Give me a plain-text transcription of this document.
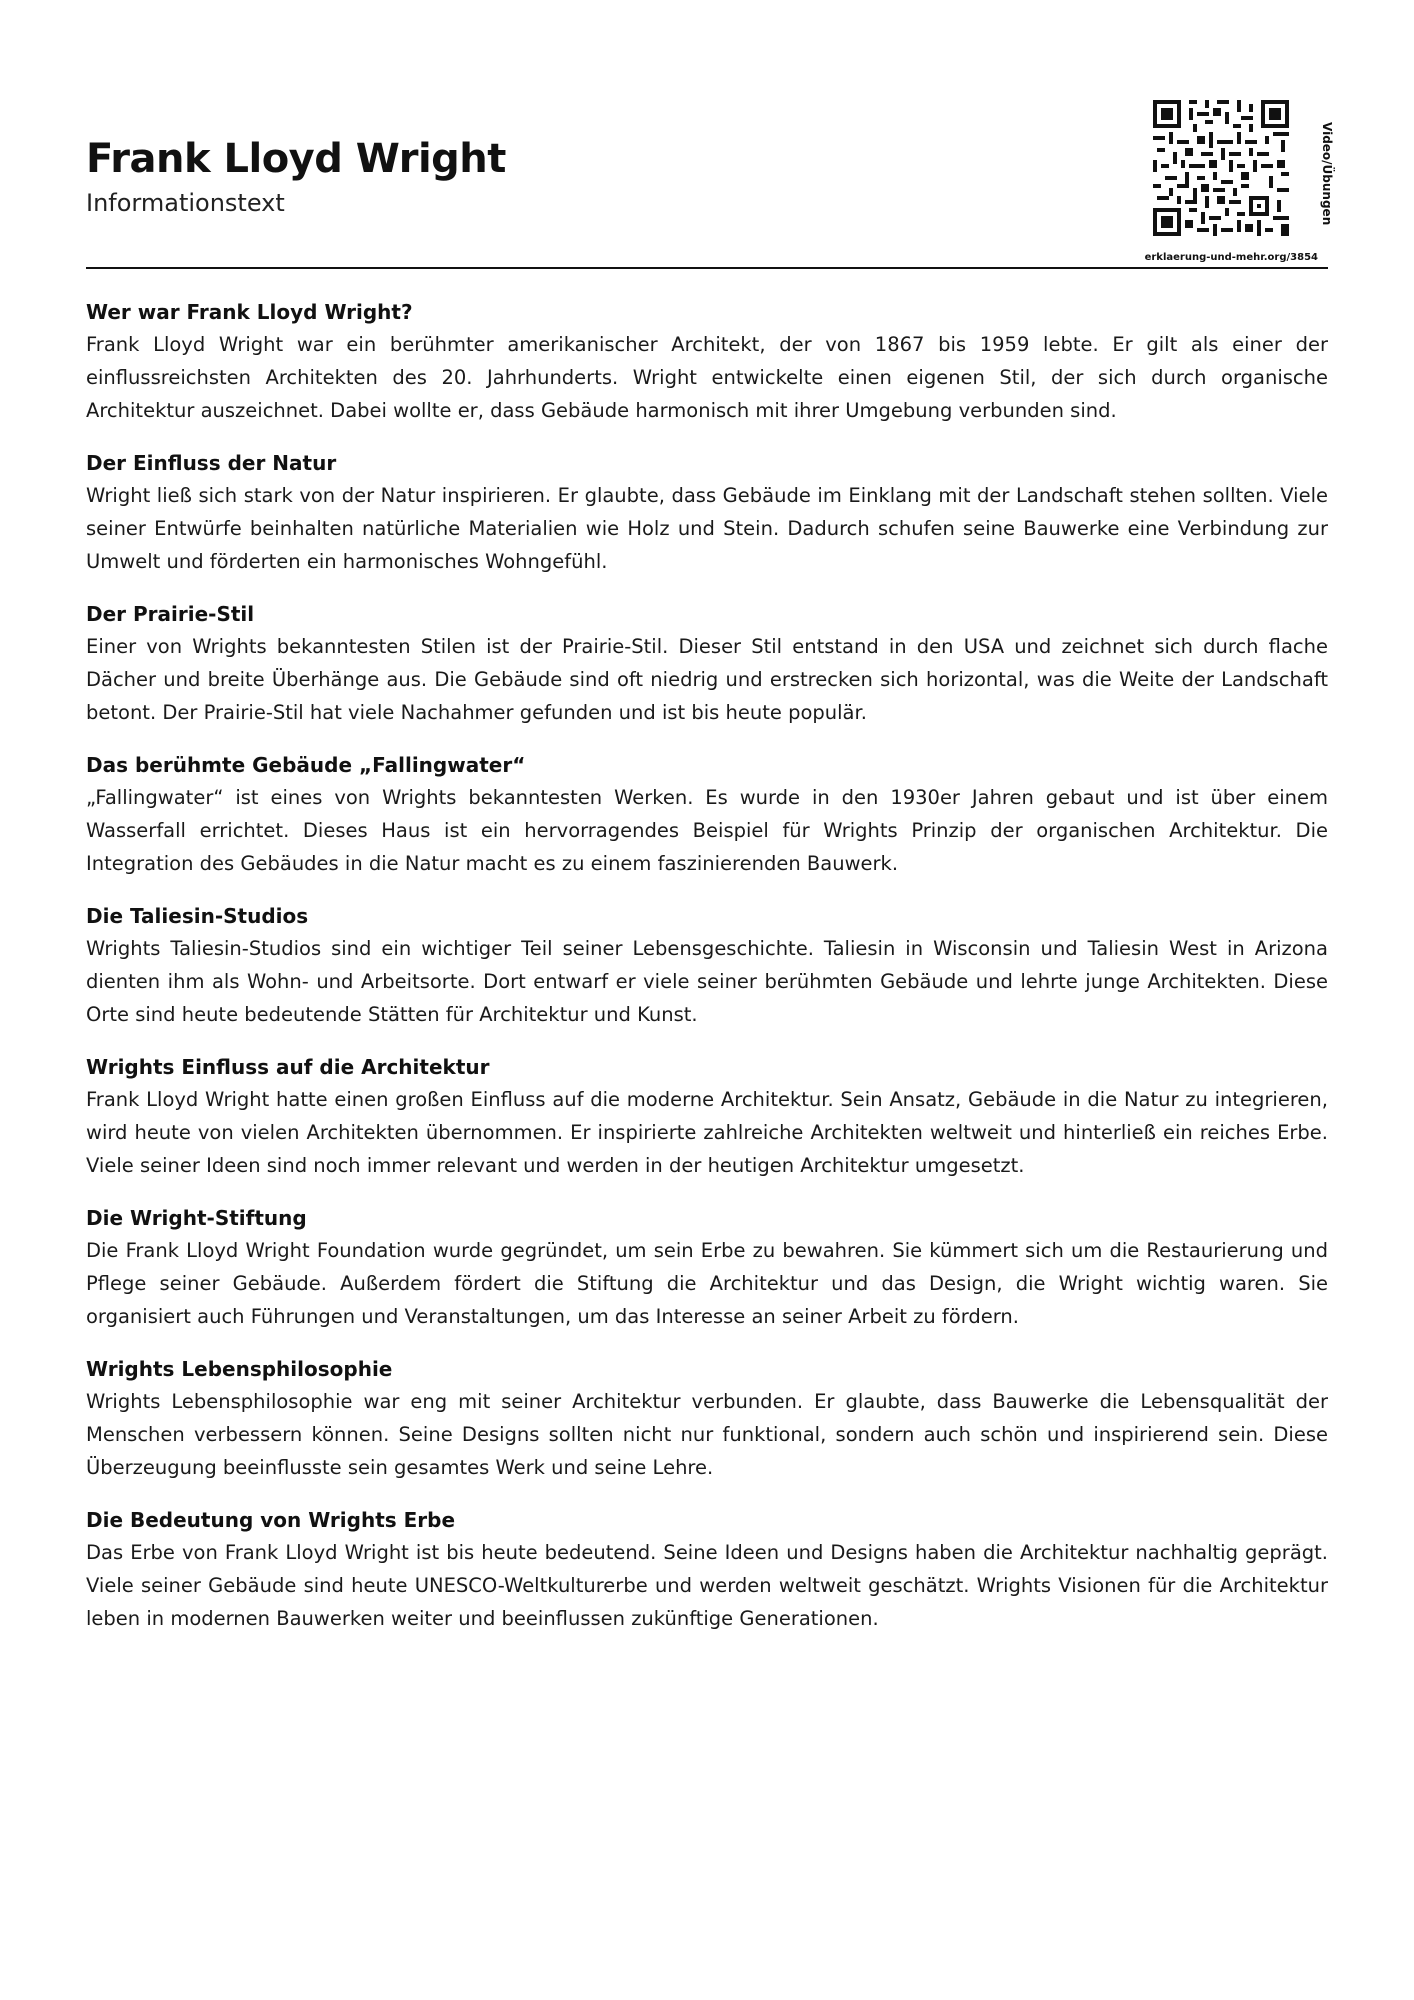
Frank Lloyd Wright
Informationstext	Video/Übungen
erklaerung-und-mehr.org/3854
Wer war Frank Lloyd Wright?

Frank Lloyd Wright war ein berühmter amerikanischer Architekt, der von 1867 bis 1959 lebte. Er gilt als einer der einflussreichsten Architekten des 20. Jahrhunderts. Wright entwickelte einen eigenen Stil, der sich durch organische Architektur auszeichnet. Dabei wollte er, dass Gebäude harmonisch mit ihrer Umgebung verbunden sind.

Der Einfluss der Natur

Wright ließ sich stark von der Natur inspirieren. Er glaubte, dass Gebäude im Einklang mit der Landschaft stehen sollten. Viele seiner Entwürfe beinhalten natürliche Materialien wie Holz und Stein. Dadurch schufen seine Bauwerke eine Verbindung zur Umwelt und förderten ein harmonisches Wohngefühl.

Der Prairie-Stil

Einer von Wrights bekanntesten Stilen ist der Prairie-Stil. Dieser Stil entstand in den USA und zeichnet sich durch flache Dächer und breite Überhänge aus. Die Gebäude sind oft niedrig und erstrecken sich horizontal, was die Weite der Landschaft betont. Der Prairie-Stil hat viele Nachahmer gefunden und ist bis heute populär.

Das berühmte Gebäude „Fallingwater“

„Fallingwater“ ist eines von Wrights bekanntesten Werken. Es wurde in den 1930er Jahren gebaut und ist über einem Wasserfall errichtet. Dieses Haus ist ein hervorragendes Beispiel für Wrights Prinzip der organischen Architektur. Die Integration des Gebäudes in die Natur macht es zu einem faszinierenden Bauwerk.

Die Taliesin-Studios

Wrights Taliesin-Studios sind ein wichtiger Teil seiner Lebensgeschichte. Taliesin in Wisconsin und Taliesin West in Arizona dienten ihm als Wohn- und Arbeitsorte. Dort entwarf er viele seiner berühmten Gebäude und lehrte junge Architekten. Diese Orte sind heute bedeutende Stätten für Architektur und Kunst.

Wrights Einfluss auf die Architektur

Frank Lloyd Wright hatte einen großen Einfluss auf die moderne Architektur. Sein Ansatz, Gebäude in die Natur zu integrieren, wird heute von vielen Architekten übernommen. Er inspirierte zahlreiche Architekten weltweit und hinterließ ein reiches Erbe. Viele seiner Ideen sind noch immer relevant und werden in der heutigen Architektur umgesetzt.

Die Wright-Stiftung

Die Frank Lloyd Wright Foundation wurde gegründet, um sein Erbe zu bewahren. Sie kümmert sich um die Restaurierung und Pflege seiner Gebäude. Außerdem fördert die Stiftung die Architektur und das Design, die Wright wichtig waren. Sie organisiert auch Führungen und Veranstaltungen, um das Interesse an seiner Arbeit zu fördern.

Wrights Lebensphilosophie

Wrights Lebensphilosophie war eng mit seiner Architektur verbunden. Er glaubte, dass Bauwerke die Lebensqualität der Menschen verbessern können. Seine Designs sollten nicht nur funktional, sondern auch schön und inspirierend sein. Diese Überzeugung beeinflusste sein gesamtes Werk und seine Lehre.

Die Bedeutung von Wrights Erbe

Das Erbe von Frank Lloyd Wright ist bis heute bedeutend. Seine Ideen und Designs haben die Architektur nachhaltig geprägt. Viele seiner Gebäude sind heute UNESCO-Weltkulturerbe und werden weltweit geschätzt. Wrights Visionen für die Architektur leben in modernen Bauwerken weiter und beeinflussen zukünftige Generationen.
